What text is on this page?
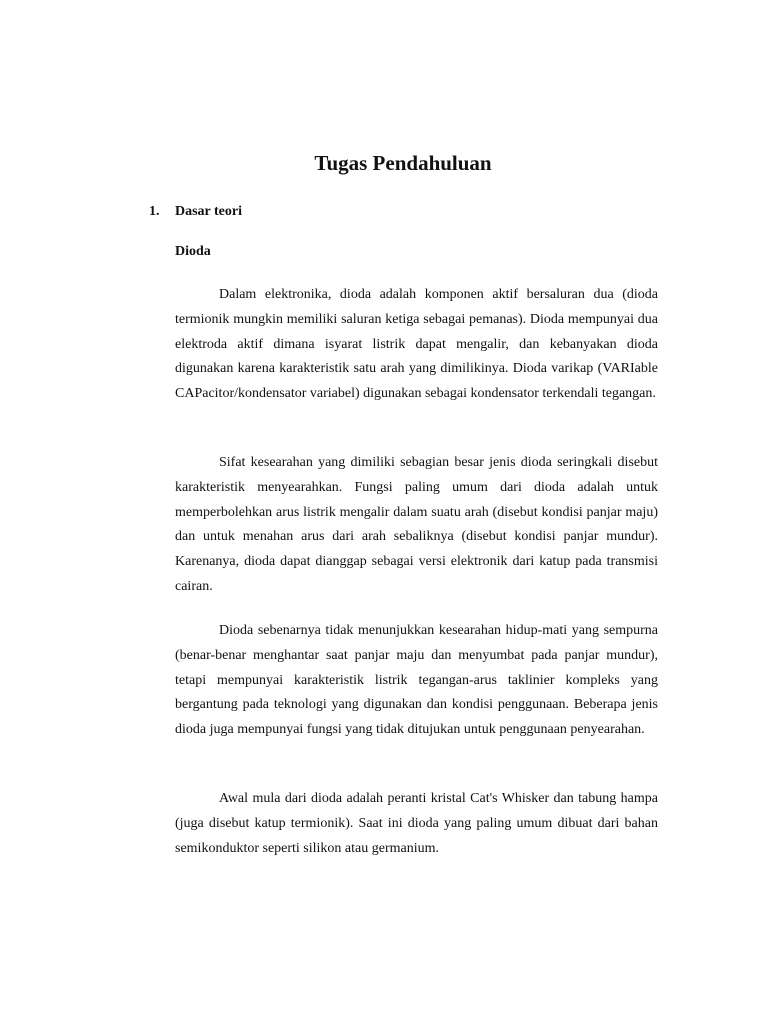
Tugas Pendahuluan
1. Dasar teori
Dioda

Dalam elektronika, dioda adalah komponen aktif bersaluran dua (dioda termionik mungkin memiliki saluran ketiga sebagai pemanas). Dioda mempunyai dua elektroda aktif dimana isyarat listrik dapat mengalir, dan kebanyakan dioda digunakan karena karakteristik satu arah yang dimilikinya. Dioda varikap (VARIable CAPacitor/kondensator variabel) digunakan sebagai kondensator terkendali tegangan.

Sifat kesearahan yang dimiliki sebagian besar jenis dioda seringkali disebut karakteristik menyearahkan. Fungsi paling umum dari dioda adalah untuk memperbolehkan arus listrik mengalir dalam suatu arah (disebut kondisi panjar maju) dan untuk menahan arus dari arah sebaliknya (disebut kondisi panjar mundur). Karenanya, dioda dapat dianggap sebagai versi elektronik dari katup pada transmisi cairan.

Dioda sebenarnya tidak menunjukkan kesearahan hidup-mati yang sempurna (benar-benar menghantar saat panjar maju dan menyumbat pada panjar mundur), tetapi mempunyai karakteristik listrik tegangan-arus taklinier kompleks yang bergantung pada teknologi yang digunakan dan kondisi penggunaan. Beberapa jenis dioda juga mempunyai fungsi yang tidak ditujukan untuk penggunaan penyearahan.

Awal mula dari dioda adalah peranti kristal Cat's Whisker dan tabung hampa (juga disebut katup termionik). Saat ini dioda yang paling umum dibuat dari bahan semikonduktor seperti silikon atau germanium.
